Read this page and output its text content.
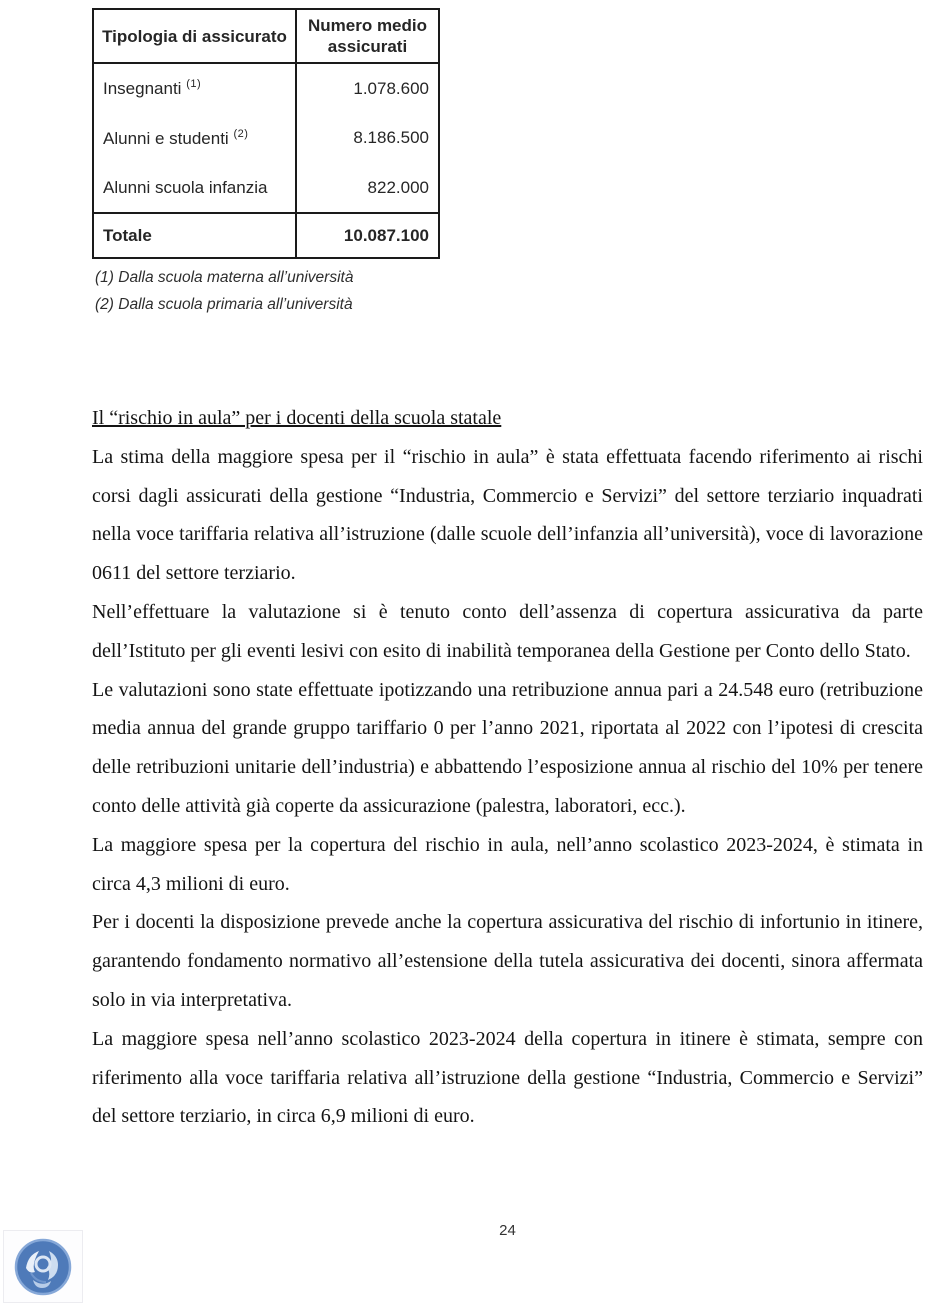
Tipologia di assicurato	Numero medio assicurati
Insegnanti $^{(1)}$	1.078.600
Alunni e studenti $^{(2)}$	8.186.500
Alunni scuola infanzia	822.000
Totale	10.087.100
(1) Dalla scuola materna all’università
(2) Dalla scuola primaria all’università
Il “rischio in aula” per i docenti della scuola statale

La stima della maggiore spesa per il “rischio in aula” è stata effettuata facendo riferimento ai rischi corsi dagli assicurati della gestione “Industria, Commercio e Servizi” del settore terziario inquadrati nella voce tariffaria relativa all’istruzione (dalle scuole dell’infanzia all’università), voce di lavorazione 0611 del settore terziario.

Nell’effettuare la valutazione si è tenuto conto dell’assenza di copertura assicurativa da parte dell’Istituto per gli eventi lesivi con esito di inabilità temporanea della Gestione per Conto dello Stato.

Le valutazioni sono state effettuate ipotizzando una retribuzione annua pari a 24.548 euro (retribuzione media annua del grande gruppo tariffario 0 per l’anno 2021, riportata al 2022 con l’ipotesi di crescita delle retribuzioni unitarie dell’industria) e abbattendo l’esposizione annua al rischio del 10% per tenere conto delle attività già coperte da assicurazione (palestra, laboratori, ecc.).

La maggiore spesa per la copertura del rischio in aula, nell’anno scolastico 2023-2024, è stimata in circa 4,3 milioni di euro.

Per i docenti la disposizione prevede anche la copertura assicurativa del rischio di infortunio in itinere, garantendo fondamento normativo all’estensione della tutela assicurativa dei docenti, sinora affermata solo in via interpretativa.

La maggiore spesa nell’anno scolastico 2023-2024 della copertura in itinere è stimata, sempre con riferimento alla voce tariffaria relativa all’istruzione della gestione “Industria, Commercio e Servizi” del settore terziario, in circa 6,9 milioni di euro.

24
